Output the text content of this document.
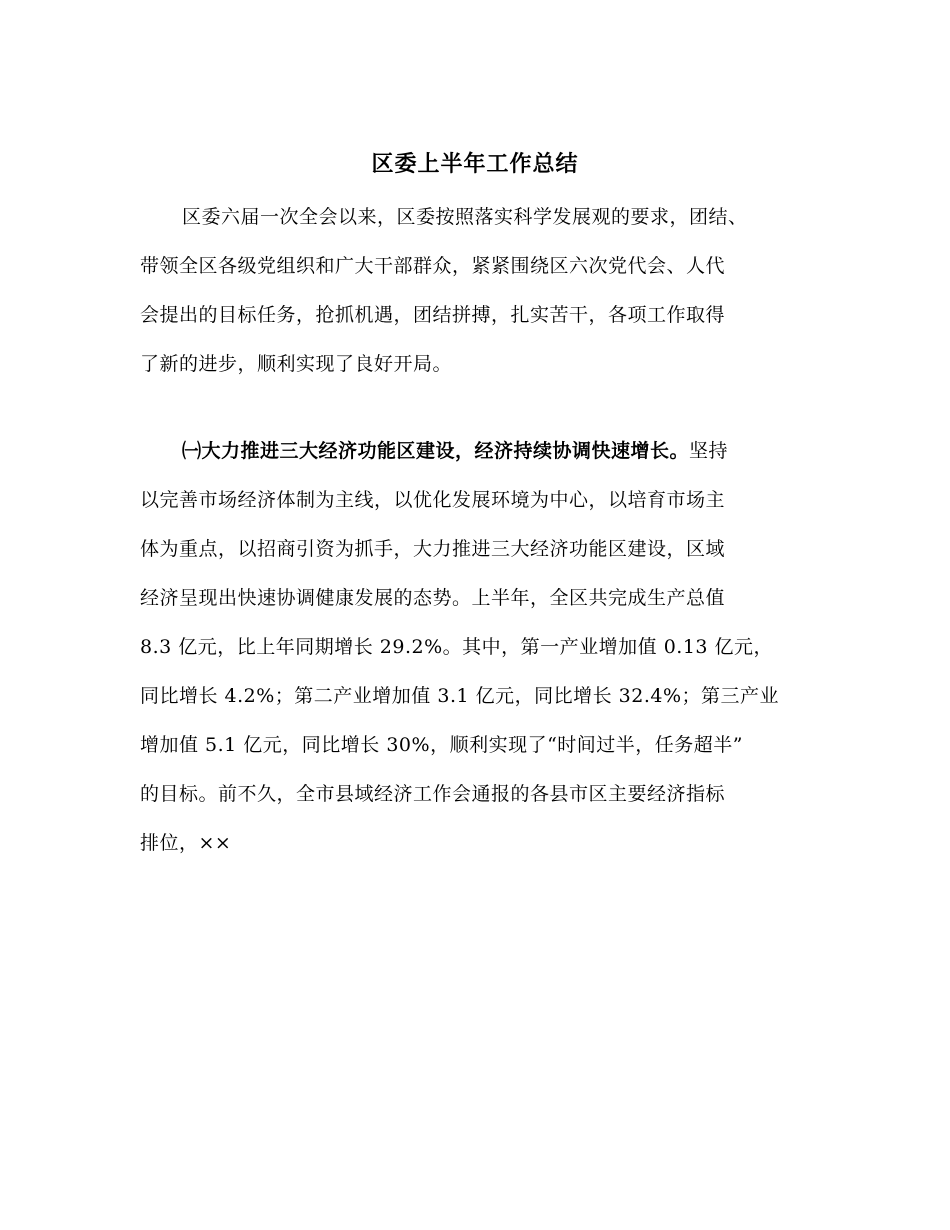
区委上半年工作总结
区委六届一次全会以来，区委按照落实科学发展观的要求，团结、
带领全区各级党组织和广大干部群众，紧紧围绕区六次党代会、人代
会提出的目标任务，抢抓机遇，团结拼搏，扎实苦干，各项工作取得
了新的进步，顺利实现了良好开局。
㈠大力推进三大经济功能区建设，经济持续协调快速增长。坚持
以完善市场经济体制为主线，以优化发展环境为中心，以培育市场主
体为重点，以招商引资为抓手，大力推进三大经济功能区建设，区域
经济呈现出快速协调健康发展的态势。上半年，全区共完成生产总值
8.3 亿元，比上年同期增长 29.2%。其中，第一产业增加值 0.13 亿元，
同比增长 4.2%；第二产业增加值 3.1 亿元，同比增长 32.4%；第三产业
增加值 5.1 亿元，同比增长 30%，顺利实现了“时间过半，任务超半”
的目标。前不久，全市县域经济工作会通报的各县市区主要经济指标
排位，××
